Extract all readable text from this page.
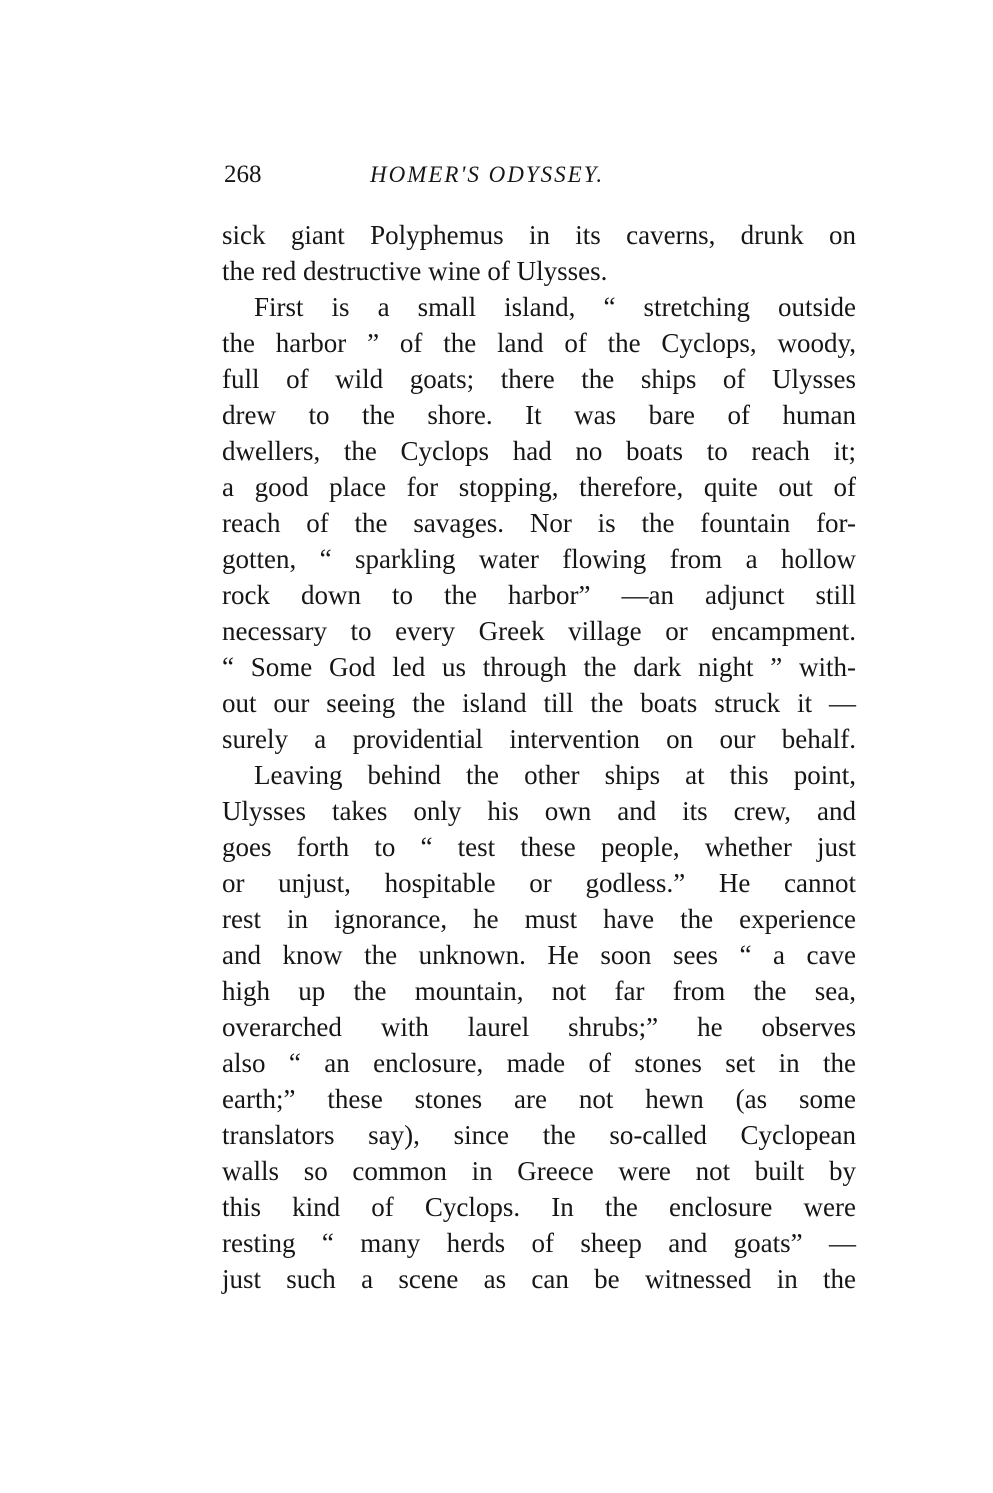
268	HOMER'S ODYSSEY.
sick giant Polyphemus in its caverns, drunk on
the red destructive wine of Ulysses.
First is a small island, “ stretching outside
the harbor ” of the land of the Cyclops, woody,
full of wild goats; there the ships of Ulysses
drew to the shore. It was bare of human
dwellers, the Cyclops had no boats to reach it;
a good place for stopping, therefore, quite out of
reach of the savages. Nor is the fountain for-
gotten, “ sparkling water flowing from a hollow
rock down to the harbor” —an adjunct still
necessary to every Greek village or encampment.
“ Some God led us through the dark night ” with-
out our seeing the island till the boats struck it —
surely a providential intervention on our behalf.
Leaving behind the other ships at this point,
Ulysses takes only his own and its crew, and
goes forth to “ test these people, whether just
or unjust, hospitable or godless.” He cannot
rest in ignorance, he must have the experience
and know the unknown. He soon sees “ a cave
high up the mountain, not far from the sea,
overarched with laurel shrubs;” he observes
also “ an enclosure, made of stones set in the
earth;” these stones are not hewn (as some
translators say), since the so-called Cyclopean
walls so common in Greece were not built by
this kind of Cyclops. In the enclosure were
resting “ many herds of sheep and goats” —
just such a scene as can be witnessed in the
